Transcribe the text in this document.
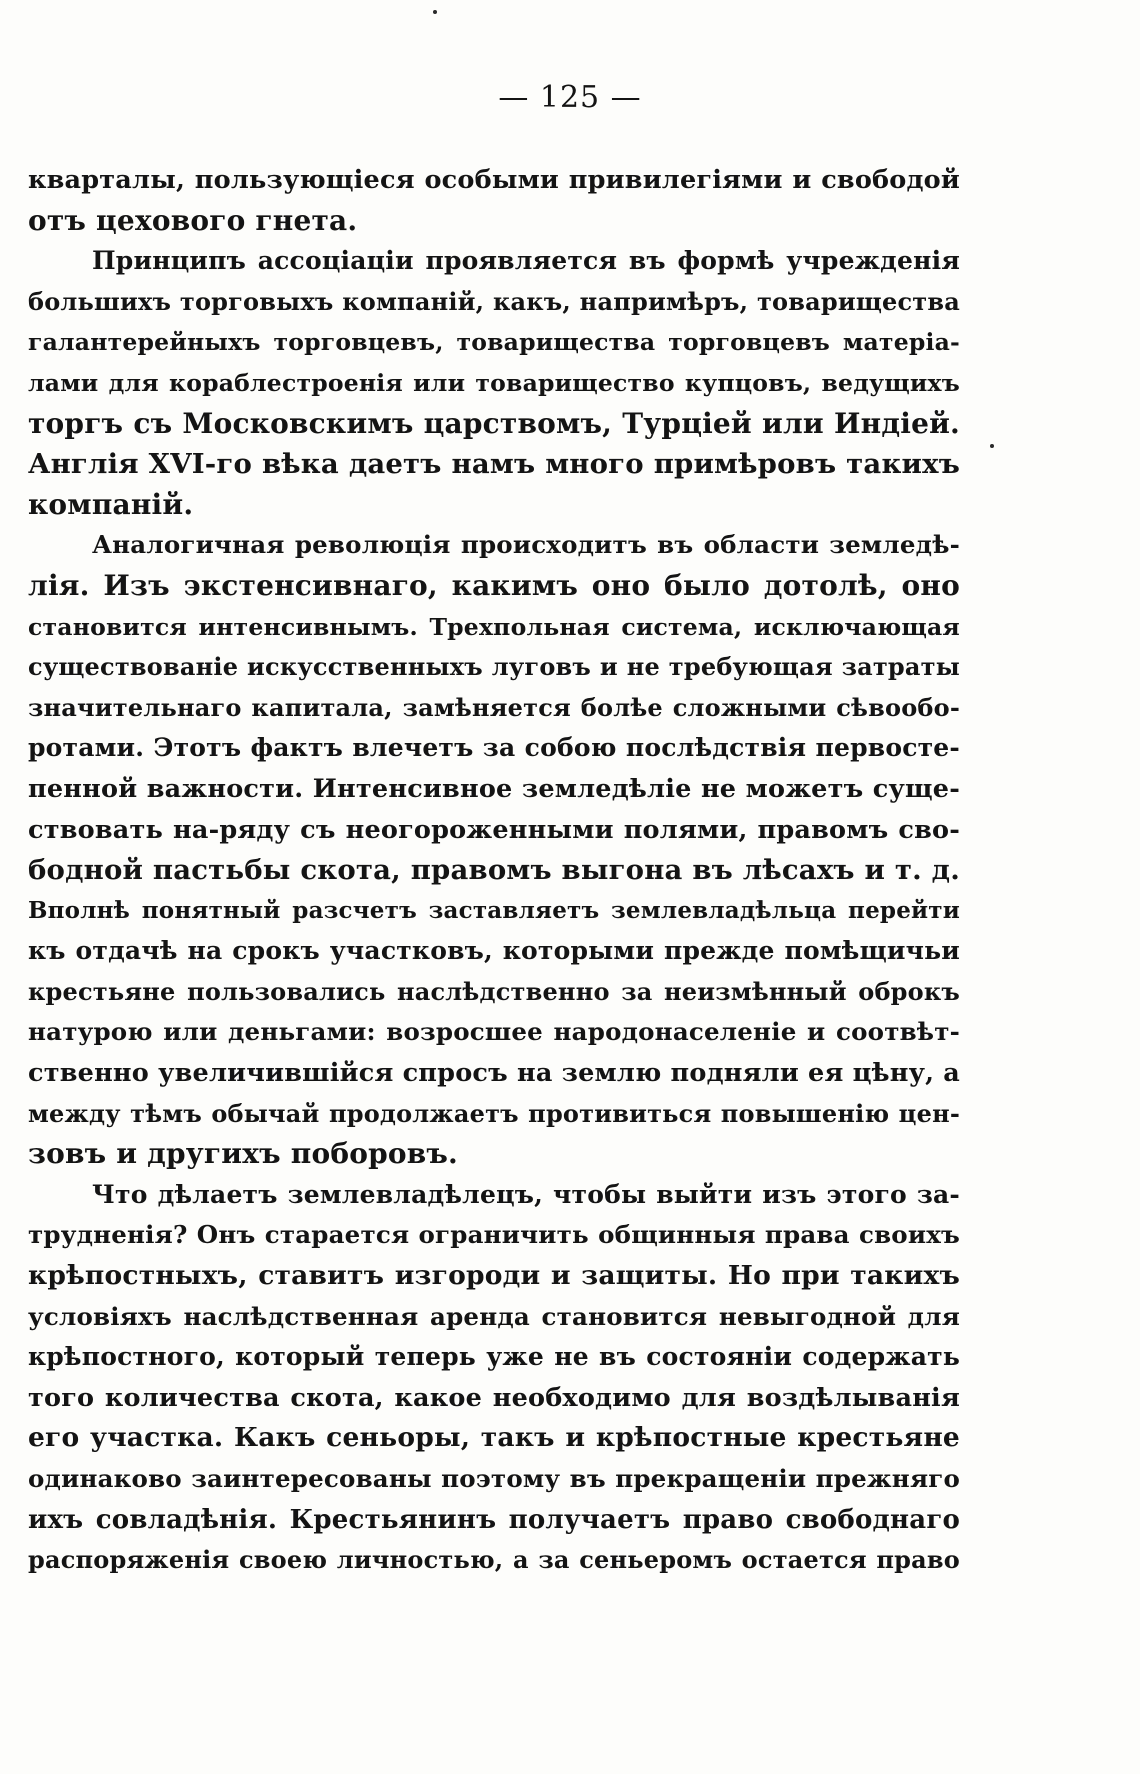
— 125 —
кварталы, пользующіеся особыми привилегіями и свободой
отъ цехового гнета.
Принципъ ассоціаціи проявляется въ формѣ учрежденія
большихъ торговыхъ компаній, какъ, напримѣръ, товарищества
галантерейныхъ торговцевъ, товарищества торговцевъ матеріа-
лами для кораблестроенія или товарищество купцовъ, ведущихъ
торгъ съ Московскимъ царствомъ, Турціей или Индіей.
Англія XVI-го вѣка даетъ намъ много примѣровъ такихъ
компаній.
Аналогичная революція происходитъ въ области земледѣ-
лія. Изъ экстенсивнаго, какимъ оно было дотолѣ, оно
становится интенсивнымъ. Трехпольная система, исключающая
существованіе искусственныхъ луговъ и не требующая затраты
значительнаго капитала, замѣняется болѣе сложными сѣвообо-
ротами. Этотъ фактъ влечетъ за собою послѣдствія первосте-
пенной важности. Интенсивное земледѣліе не можетъ суще-
ствовать на-ряду съ неогороженными полями, правомъ сво-
бодной пастьбы скота, правомъ выгона въ лѣсахъ и т. д.
Вполнѣ понятный разсчетъ заставляетъ землевладѣльца перейти
къ отдачѣ на срокъ участковъ, которыми прежде помѣщичьи
крестьяне пользовались наслѣдственно за неизмѣнный оброкъ
натурою или деньгами: возросшее народонаселеніе и соотвѣт-
ственно увеличившійся спросъ на землю подняли ея цѣну, а
между тѣмъ обычай продолжаетъ противиться повышенію цен-
зовъ и другихъ поборовъ.
Что дѣлаетъ землевладѣлецъ, чтобы выйти изъ этого за-
трудненія? Онъ старается ограничить общинныя права своихъ
крѣпостныхъ, ставитъ изгороди и защиты. Но при такихъ
условіяхъ наслѣдственная аренда становится невыгодной для
крѣпостного, который теперь уже не въ состояніи содержать
того количества скота, какое необходимо для воздѣлыванія
его участка. Какъ сеньоры, такъ и крѣпостные крестьяне
одинаково заинтересованы поэтому въ прекращеніи прежняго
ихъ совладѣнія. Крестьянинъ получаетъ право свободнаго
распоряженія своею личностью, а за сеньеромъ остается право
